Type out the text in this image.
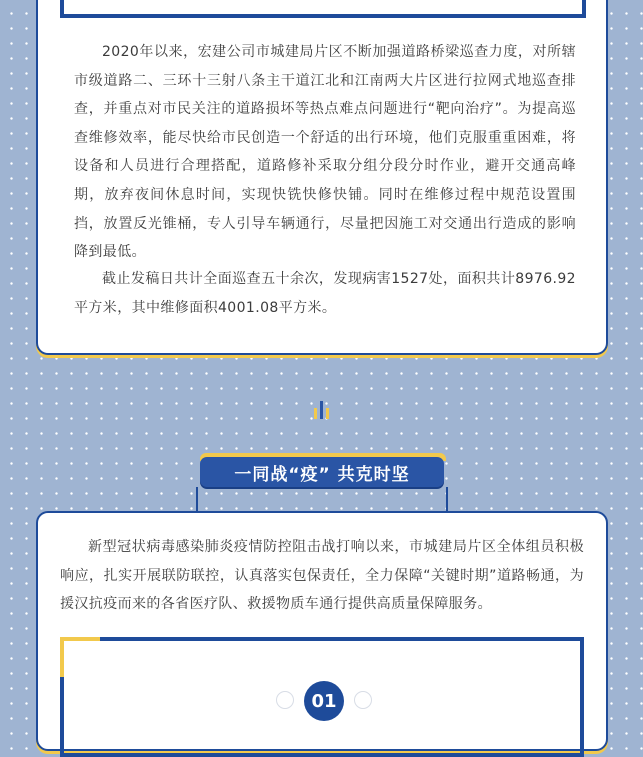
2020年以来，宏建公司市城建局片区不断加强道路桥梁巡查力度，对所辖市级道路二、三环十三射八条主干道江北和江南两大片区进行拉网式地巡查排查，并重点对市民关注的道路损坏等热点难点问题进行“靶向治疗”。为提高巡查维修效率，能尽快给市民创造一个舒适的出行环境，他们克服重重困难，将设备和人员进行合理搭配，道路修补采取分组分段分时作业，避开交通高峰期，放弃夜间休息时间，实现快铣快修快铺。同时在维修过程中规范设置围挡，放置反光锥桶，专人引导车辆通行，尽量把因施工对交通出行造成的影响降到最低。

截止发稿日共计全面巡查五十余次，发现病害1527处，面积共计8976.92平方米，其中维修面积4001.08平方米。

一同战“疫” 共克时坚

新型冠状病毒感染肺炎疫情防控阻击战打响以来，市城建局片区全体组员积极响应，扎实开展联防联控，认真落实包保责任，全力保障“关键时期”道路畅通，为援汉抗疫而来的各省医疗队、救援物质车通行提供高质量保障服务。

01
